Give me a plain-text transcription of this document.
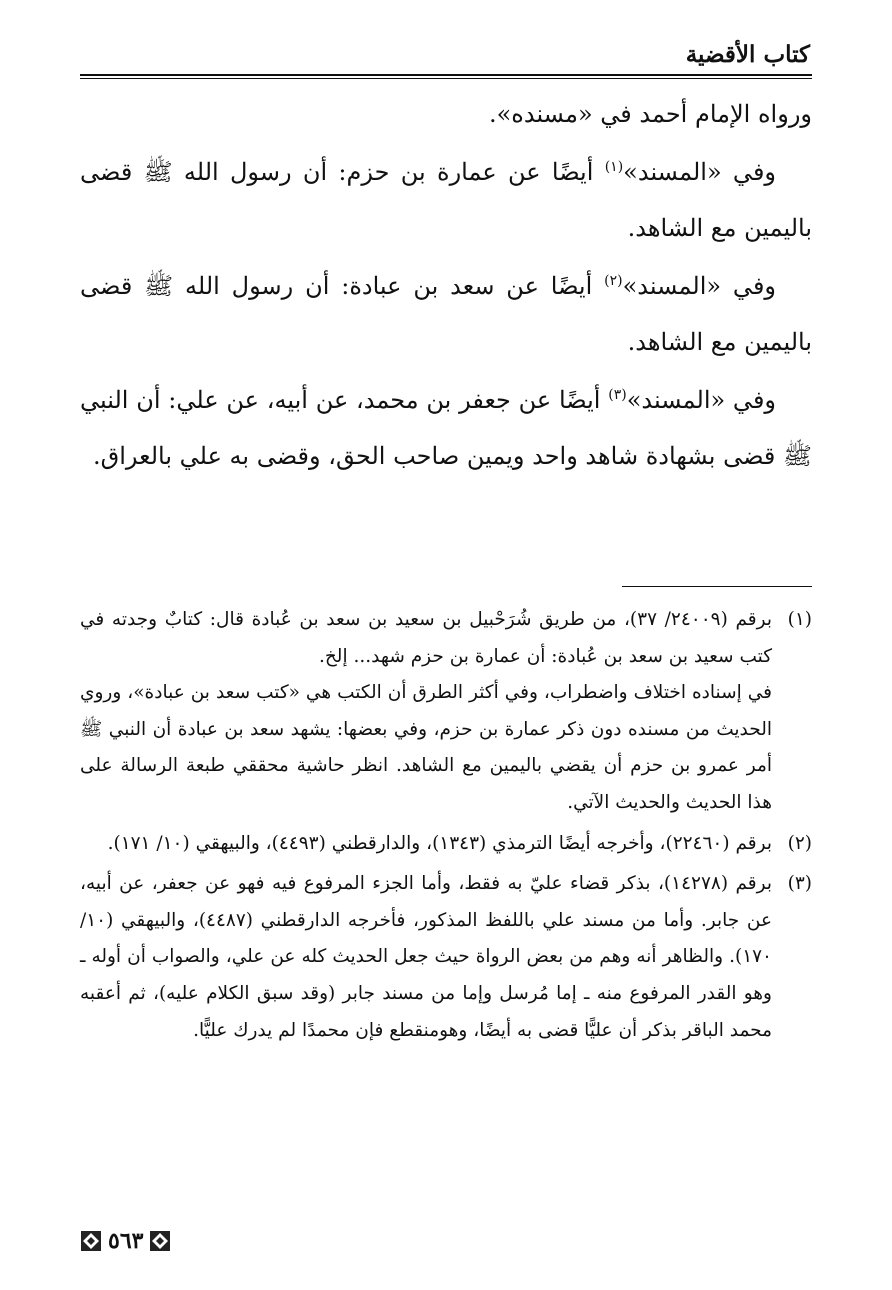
كتاب الأقضية

ورواه الإمام أحمد في «مسنده».

وفي «المسند»$^{(١)}$ أيضًا عن عمارة بن حزم: أن رسول الله ﷺ قضى باليمين مع الشاهد.

وفي «المسند»$^{(٢)}$ أيضًا عن سعد بن عبادة: أن رسول الله ﷺ قضى باليمين مع الشاهد.

وفي «المسند»$^{(٣)}$ أيضًا عن جعفر بن محمد، عن أبيه، عن علي: أن النبي ﷺ قضى بشهادة شاهد واحد ويمين صاحب الحق، وقضى به علي بالعراق.

(١)

برقم (٢٤٠٠٩/ ٣٧)، من طريق شُرَحْبيل بن سعيد بن سعد بن عُبادة قال: كتابٌ وجدته في كتب سعيد بن سعد بن عُبادة: أن عمارة بن حزم شهد... إلخ.

في إسناده اختلاف واضطراب، وفي أكثر الطرق أن الكتب هي «كتب سعد بن عبادة»، وروي الحديث من مسنده دون ذكر عمارة بن حزم، وفي بعضها: يشهد سعد بن عبادة أن النبي ﷺ أمر عمرو بن حزم أن يقضي باليمين مع الشاهد. انظر حاشية محققي طبعة الرسالة على هذا الحديث والحديث الآتي.

(٢)

برقم (٢٢٤٦٠)، وأخرجه أيضًا الترمذي (١٣٤٣)، والدارقطني (٤٤٩٣)، والبيهقي (١٠/ ١٧١).

(٣)

برقم (١٤٢٧٨)، بذكر قضاء عليّ به فقط، وأما الجزء المرفوع فيه فهو عن جعفر، عن أبيه، عن جابر. وأما من مسند علي باللفظ المذكور، فأخرجه الدارقطني (٤٤٨٧)، والبيهقي (١٠/ ١٧٠). والظاهر أنه وهم من بعض الرواة حيث جعل الحديث كله عن علي، والصواب أن أوله ـ وهو القدر المرفوع منه ـ إما مُرسل وإما من مسند جابر (وقد سبق الكلام عليه)، ثم أعقبه محمد الباقر بذكر أن عليًّا قضى به أيضًا، وهومنقطع فإن محمدًا لم يدرك عليًّا.

٥٦٣
